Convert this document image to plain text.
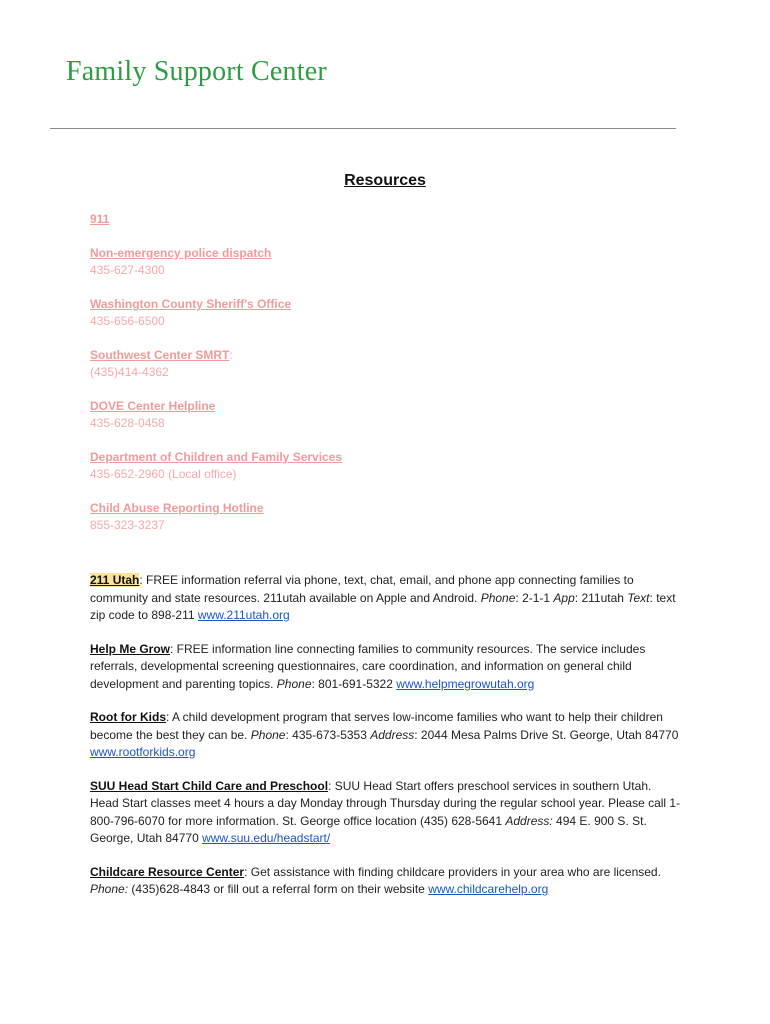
Family Support Center
Resources
911
Non-emergency police dispatch
435-627-4300
Washington County Sheriff's Office
435-656-6500
Southwest Center SMRT:
(435)414-4362
DOVE Center Helpline
435-628-0458
Department of Children and Family Services
435-652-2960 (Local office)
Child Abuse Reporting Hotline
855-323-3237

211 Utah: FREE information referral via phone, text, chat, email, and phone app connecting families to community and state resources. 211utah available on Apple and Android. Phone: 2-1-1 App: 211utah Text: text zip code to 898-211 www.211utah.org

Help Me Grow: FREE information line connecting families to community resources. The service includes referrals, developmental screening questionnaires, care coordination, and information on general child development and parenting topics. Phone: 801-691-5322 www.helpmegrowutah.org

Root for Kids: A child development program that serves low-income families who want to help their children become the best they can be. Phone: 435-673-5353 Address: 2044 Mesa Palms Drive St. George, Utah 84770 www.rootforkids.org

SUU Head Start Child Care and Preschool: SUU Head Start offers preschool services in southern Utah. Head Start classes meet 4 hours a day Monday through Thursday during the regular school year. Please call 1-800-796-6070 for more information. St. George office location (435) 628-5641 Address: 494 E. 900 S. St. George, Utah 84770 www.suu.edu/headstart/

Childcare Resource Center: Get assistance with finding childcare providers in your area who are licensed. Phone: (435)628-4843 or fill out a referral form on their website www.childcarehelp.org
